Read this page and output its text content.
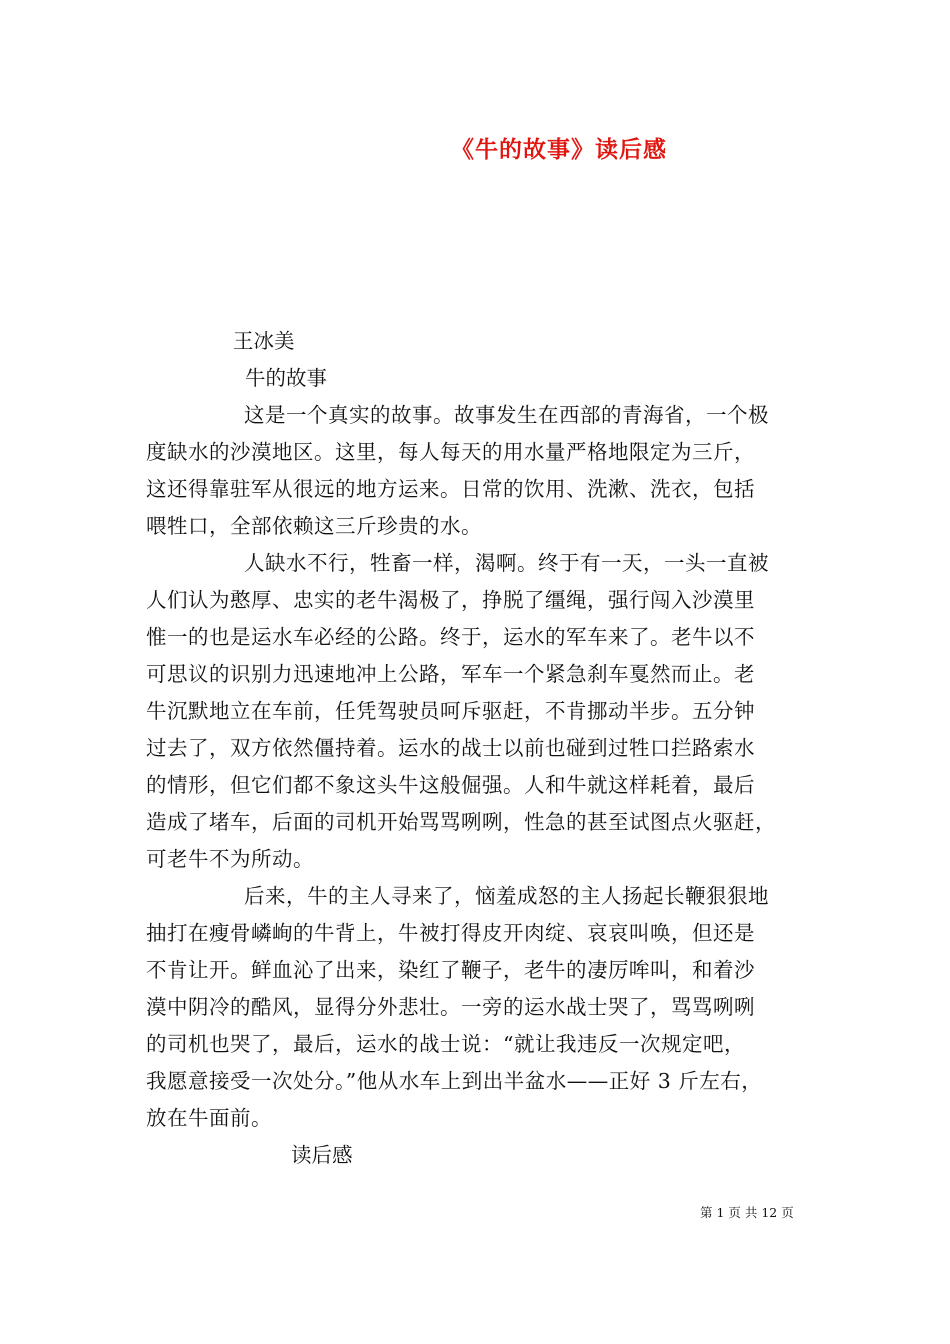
《牛的故事》读后感
王冰美
牛的故事
这是一个真实的故事。故事发生在西部的青海省，一个极
度缺水的沙漠地区。这里，每人每天的用水量严格地限定为三斤，
这还得靠驻军从很远的地方运来。日常的饮用、洗漱、洗衣，包括
喂牲口，全部依赖这三斤珍贵的水。
人缺水不行，牲畜一样，渴啊。终于有一天，一头一直被
人们认为憨厚、忠实的老牛渴极了，挣脱了缰绳，强行闯入沙漠里
惟一的也是运水车必经的公路。终于，运水的军车来了。老牛以不
可思议的识别力迅速地冲上公路，军车一个紧急刹车戛然而止。老
牛沉默地立在车前，任凭驾驶员呵斥驱赶，不肯挪动半步。五分钟
过去了，双方依然僵持着。运水的战士以前也碰到过牲口拦路索水
的情形，但它们都不象这头牛这般倔强。人和牛就这样耗着，最后
造成了堵车，后面的司机开始骂骂咧咧，性急的甚至试图点火驱赶，
可老牛不为所动。
后来，牛的主人寻来了，恼羞成怒的主人扬起长鞭狠狠地
抽打在瘦骨嶙峋的牛背上，牛被打得皮开肉绽、哀哀叫唤，但还是
不肯让开。鲜血沁了出来，染红了鞭子，老牛的凄厉哞叫，和着沙
漠中阴冷的酷风，显得分外悲壮。一旁的运水战士哭了，骂骂咧咧
的司机也哭了，最后，运水的战士说：“就让我违反一次规定吧，
我愿意接受一次处分。”他从水车上到出半盆水——正好 3 斤左右，
放在牛面前。
读后感
第 1 页 共 12 页
